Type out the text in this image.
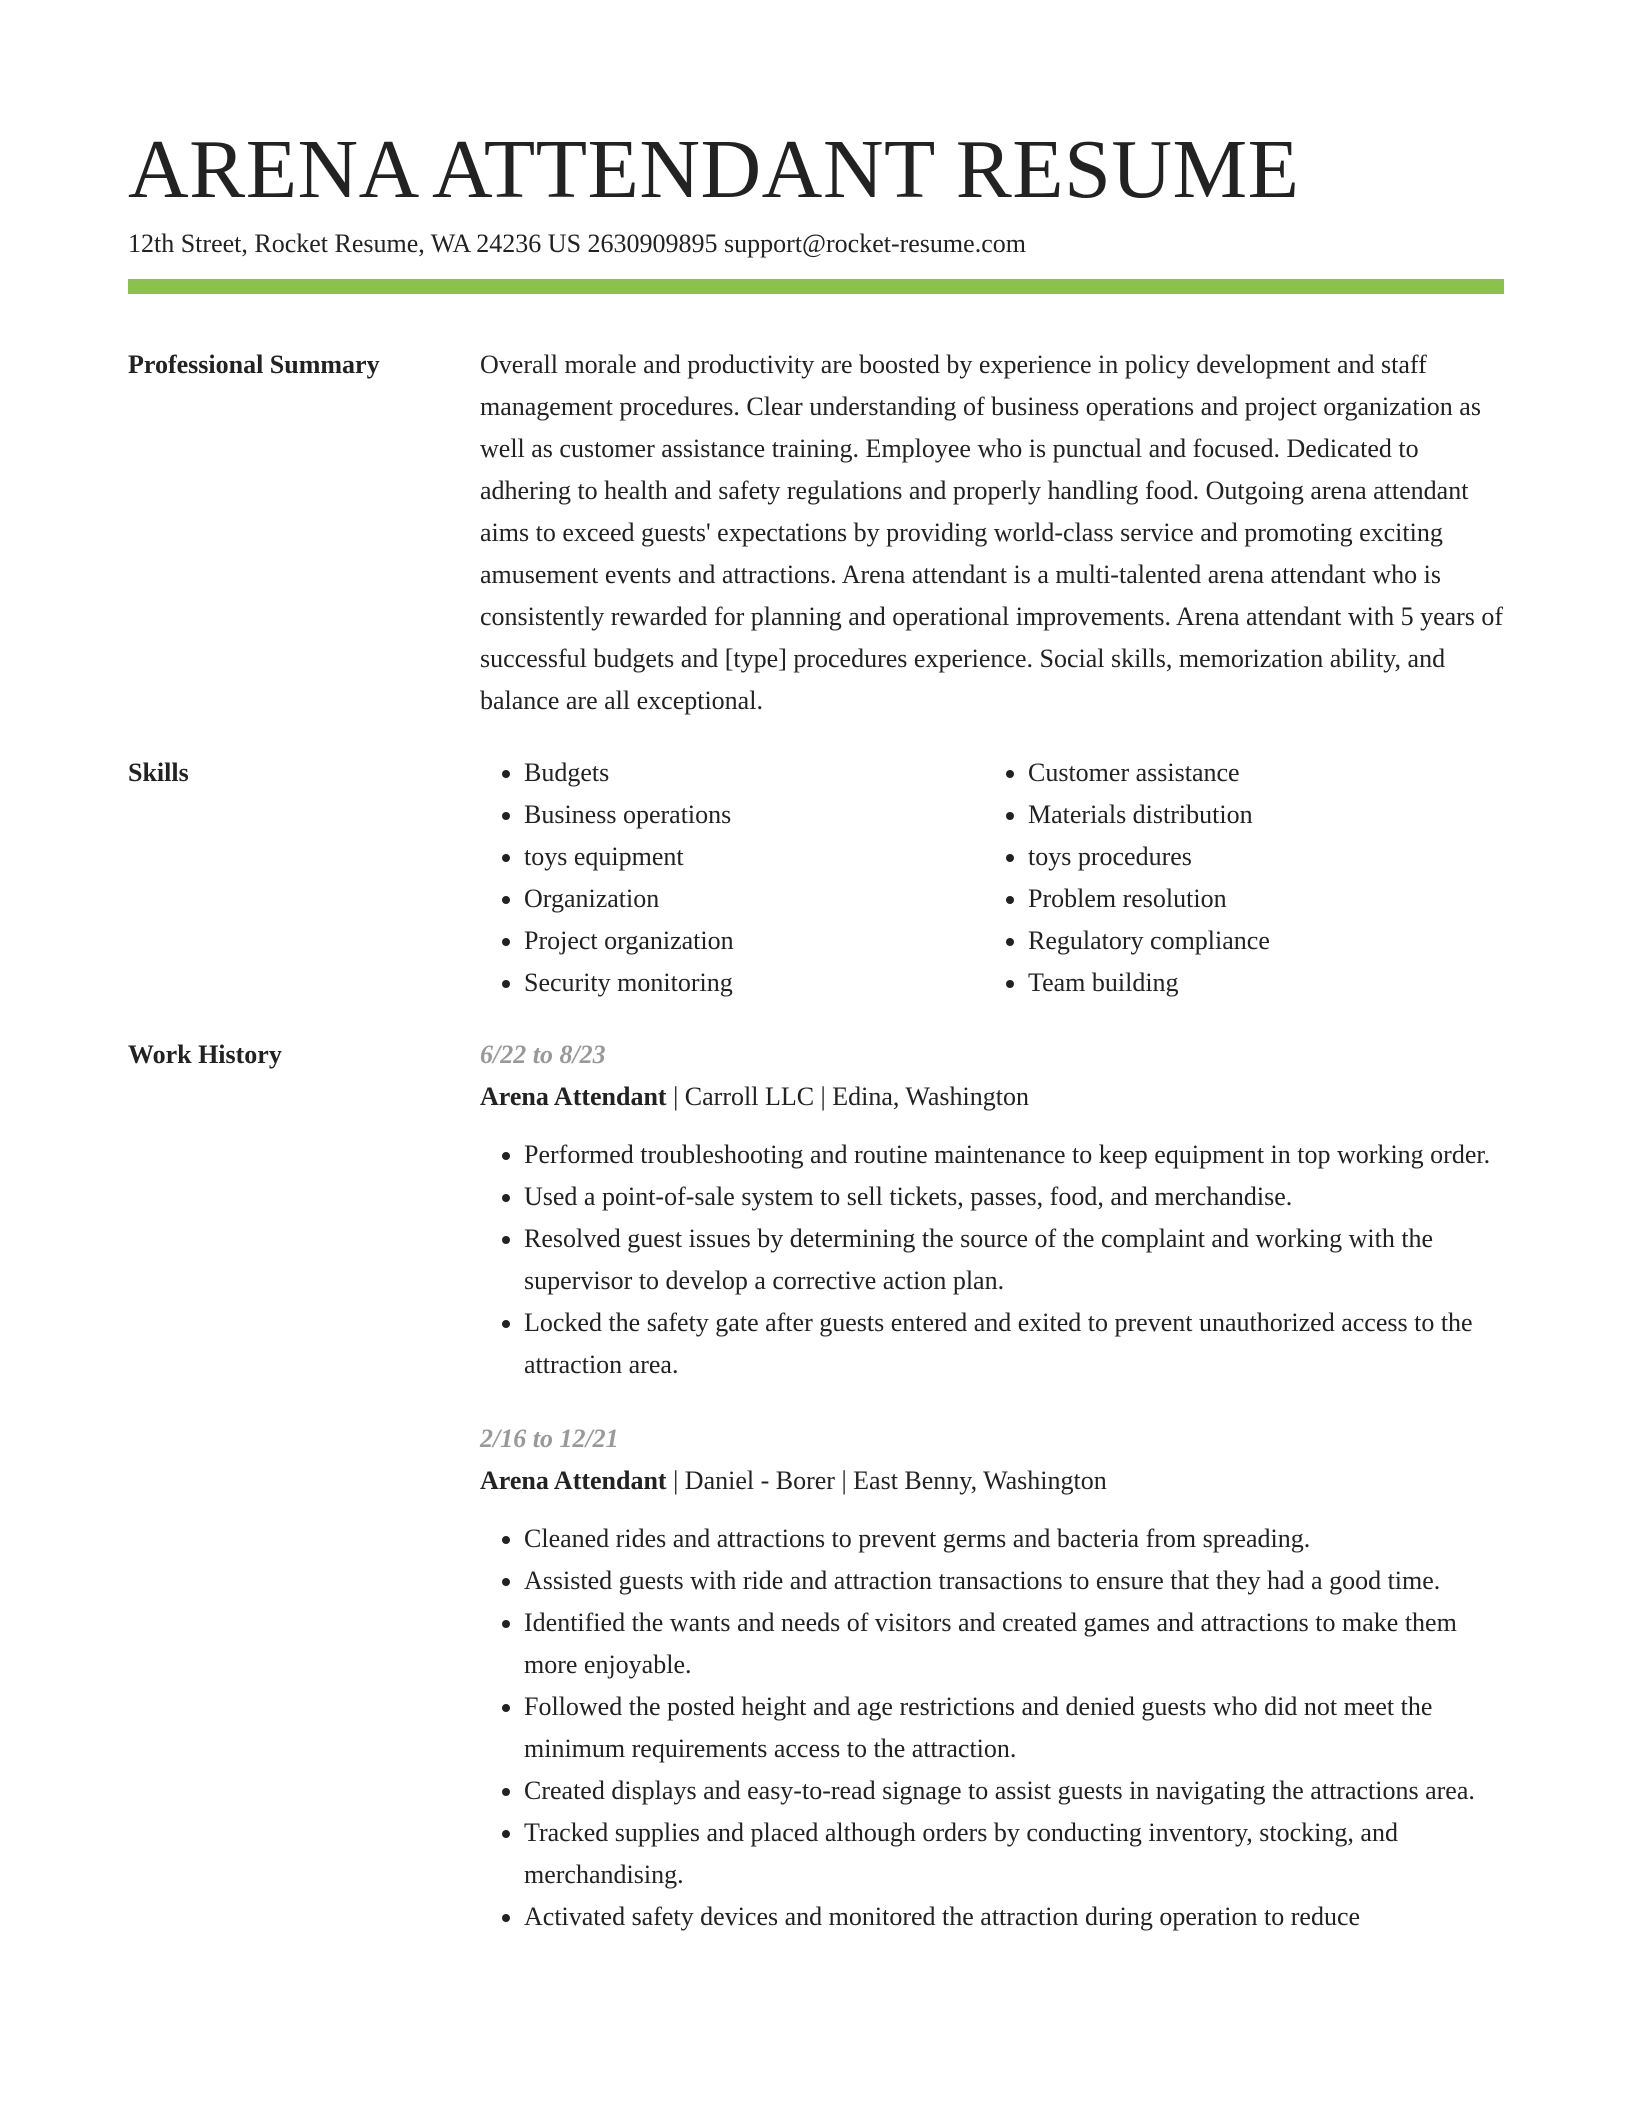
ARENA ATTENDANT RESUME
12th Street, Rocket Resume, WA 24236 US 2630909895 support@rocket-resume.com
Professional Summary	Overall morale and productivity are boosted by experience in policy development and staff management procedures. Clear understanding of business operations and project organization as well as customer assistance training. Employee who is punctual and focused. Dedicated to adhering to health and safety regulations and properly handling food. Outgoing arena attendant aims to exceed guests' expectations by providing world-class service and promoting exciting amusement events and attractions. Arena attendant is a multi-talented arena attendant who is consistently rewarded for planning and operational improvements. Arena attendant with 5 years of successful budgets and [type] procedures experience. Social skills, memorization ability, and balance are all exceptional.
Skills
•	Budgets
• Business operations
• toys equipment
• Organization
• Project organization
• Security monitoring
• Customer assistance
• Materials distribution
• toys procedures
• Problem resolution
• Regulatory compliance
• Team building
Work History	6/22 to 8/23
Arena Attendant | Carroll LLC | Edina, Washington
• Performed troubleshooting and routine maintenance to keep equipment in top working order.
• Used a point-of-sale system to sell tickets, passes, food, and merchandise.
• Resolved guest issues by determining the source of the complaint and working with the supervisor to develop a corrective action plan.
• Locked the safety gate after guests entered and exited to prevent unauthorized access to the attraction area.
2/16 to 12/21
Arena Attendant | Daniel - Borer | East Benny, Washington
• Cleaned rides and attractions to prevent germs and bacteria from spreading.
• Assisted guests with ride and attraction transactions to ensure that they had a good time.
• Identified the wants and needs of visitors and created games and attractions to make them more enjoyable.
• Followed the posted height and age restrictions and denied guests who did not meet the minimum requirements access to the attraction.
• Created displays and easy-to-read signage to assist guests in navigating the attractions area.
• Tracked supplies and placed although orders by conducting inventory, stocking, and merchandising.
• Activated safety devices and monitored the attraction during operation to reduce
